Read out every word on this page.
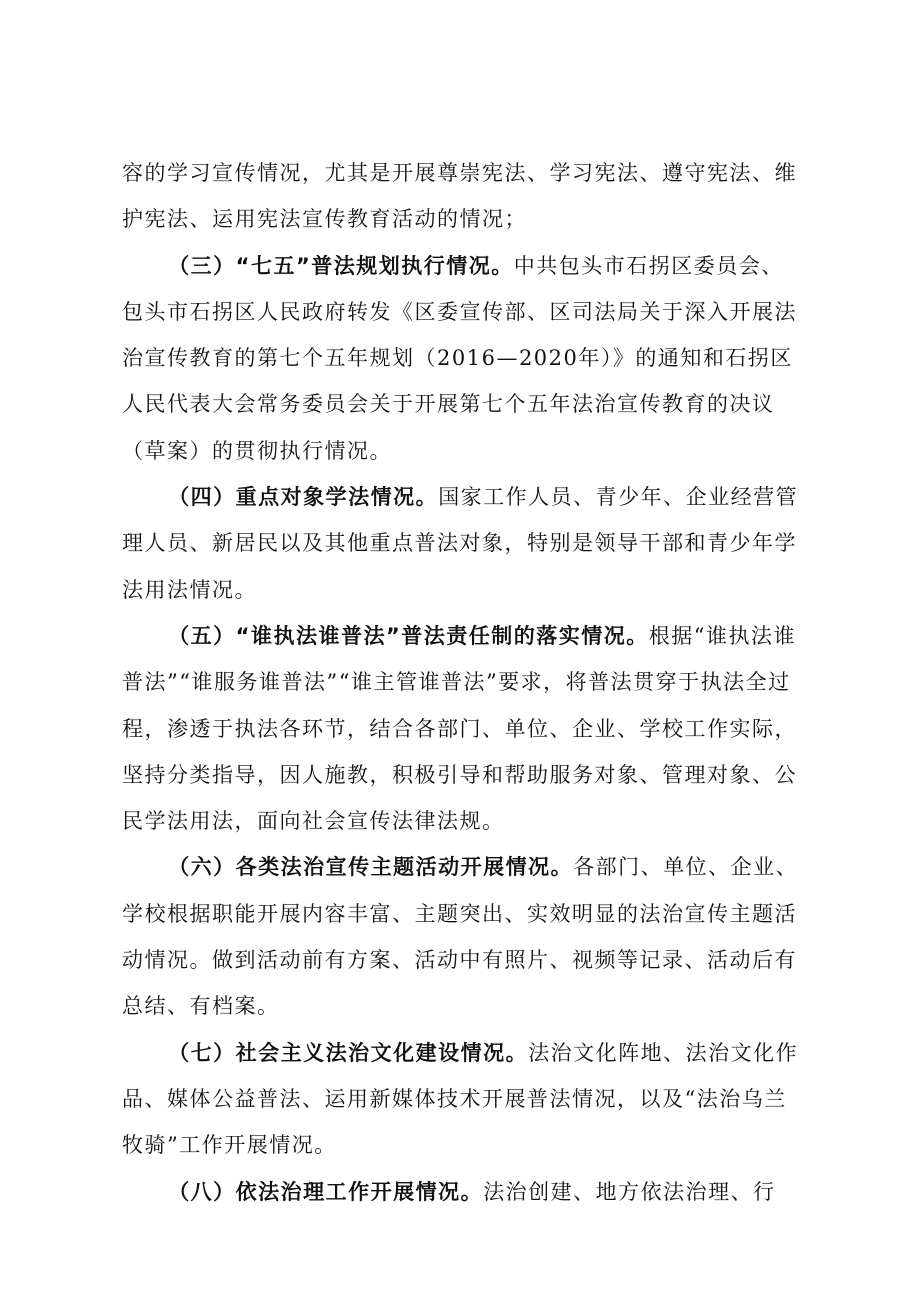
容的学习宣传情况，尤其是开展尊崇宪法、学习宪法、遵守宪法、维护宪法、运用宪法宣传教育活动的情况；

（三）“七五”普法规划执行情况。中共包头市石拐区委员会、包头市石拐区人民政府转发《区委宣传部、区司法局关于深入开展法治宣传教育的第七个五年规划（2016—2020年）》的通知和石拐区人民代表大会常务委员会关于开展第七个五年法治宣传教育的决议（草案）的贯彻执行情况。

（四）重点对象学法情况。国家工作人员、青少年、企业经营管理人员、新居民以及其他重点普法对象，特别是领导干部和青少年学法用法情况。

（五）“谁执法谁普法”普法责任制的落实情况。根据“谁执法谁普法”“谁服务谁普法”“谁主管谁普法”要求，将普法贯穿于执法全过程，渗透于执法各环节，结合各部门、单位、企业、学校工作实际，坚持分类指导，因人施教，积极引导和帮助服务对象、管理对象、公民学法用法，面向社会宣传法律法规。

（六）各类法治宣传主题活动开展情况。各部门、单位、企业、学校根据职能开展内容丰富、主题突出、实效明显的法治宣传主题活动情况。做到活动前有方案、活动中有照片、视频等记录、活动后有总结、有档案。

（七）社会主义法治文化建设情况。法治文化阵地、法治文化作品、媒体公益普法、运用新媒体技术开展普法情况，以及“法治乌兰牧骑”工作开展情况。

（八）依法治理工作开展情况。法治创建、地方依法治理、行
